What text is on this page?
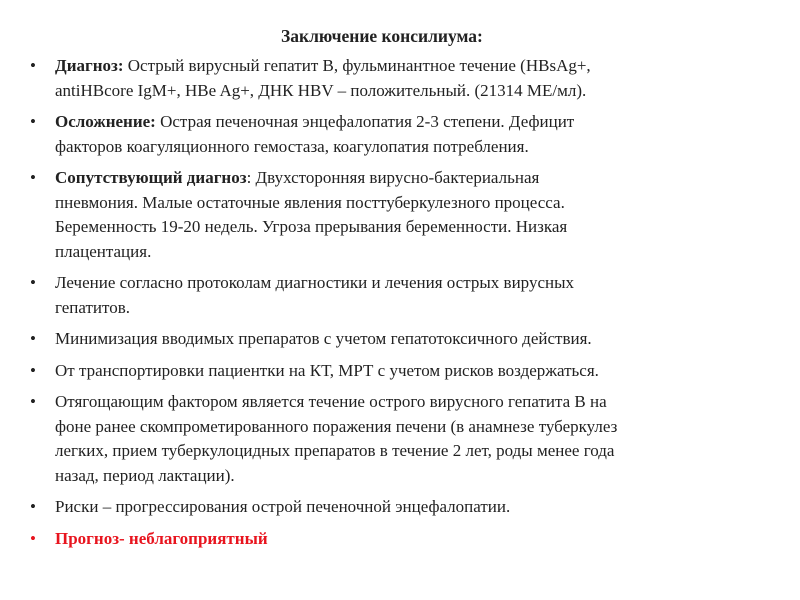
Заключение консилиума:
•	Диагноз: Острый вирусный гепатит В, фульминантное течение (HBsAg+,
antiHBcore IgM+, HBe Ag+, ДНК HBV – положительный. (21314 МЕ/мл).
•	Осложнение: Острая печеночная энцефалопатия 2-3 степени. Дефицит
факторов коагуляционного гемостаза, коагулопатия потребления.
•	Сопутствующий диагноз: Двухсторонняя вирусно-бактериальная
пневмония. Малые остаточные явления посттуберкулезного процесса.
Беременность 19-20 недель. Угроза прерывания беременности. Низкая
плацентация.
•	Лечение согласно протоколам диагностики и лечения острых вирусных
гепатитов.
•	Минимизация вводимых препаратов с учетом гепатотоксичного действия.
•	От транспортировки пациентки на КТ, МРТ с учетом рисков воздержаться.
•	Отягощающим фактором является течение острого вирусного гепатита В на
фоне ранее скомпрометированного поражения печени (в анамнезе туберкулез
легких, прием туберкулоцидных препаратов в течение 2 лет, роды менее года
назад, период лактации).
•	Риски – прогрессирования острой печеночной энцефалопатии.
•	Прогноз- неблагоприятный
